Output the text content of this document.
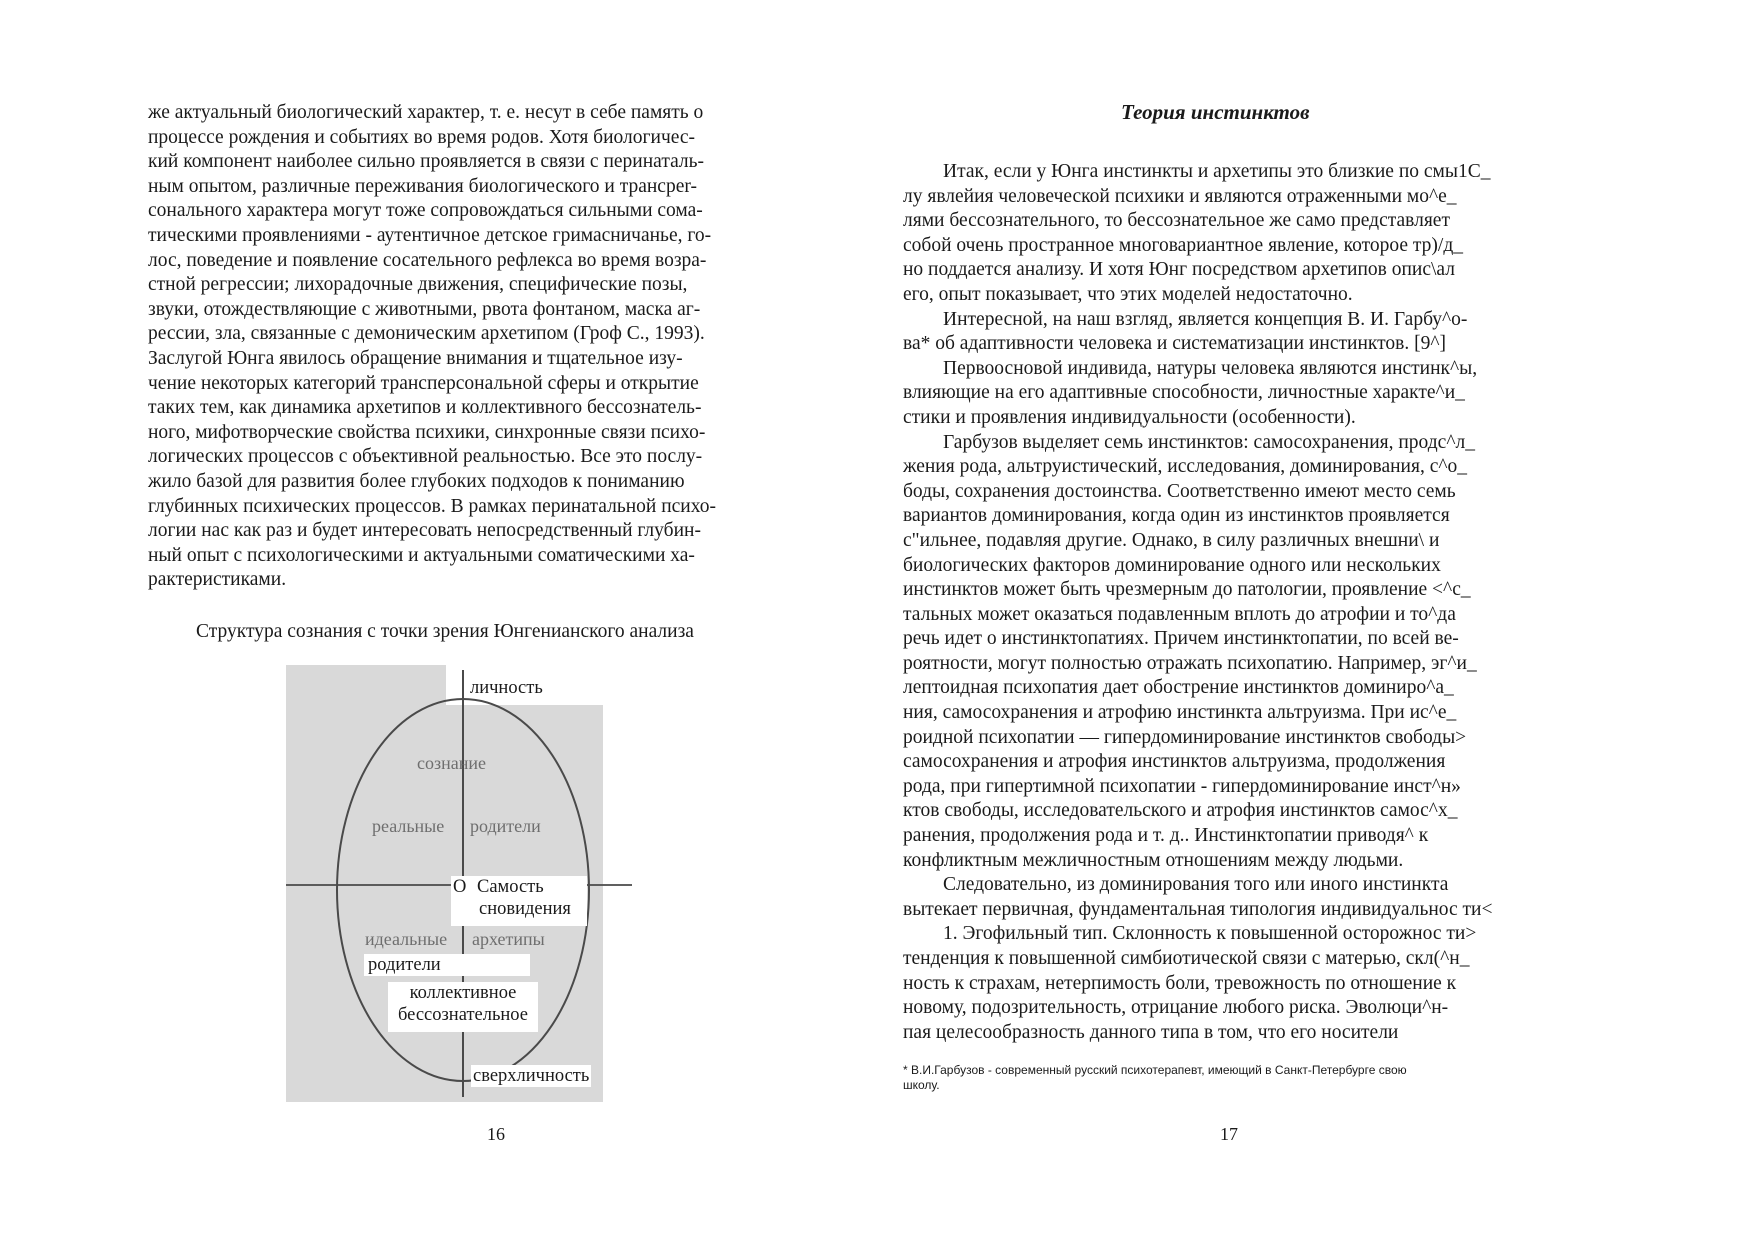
же актуальный биологический характер, т. е. несут в себе память о
процессе рождения и событиях во время родов. Хотя биологичес-
кий компонент наиболее сильно проявляется в связи с перинаталь-
ным опытом, различные переживания биологического и трансper-
сонального характера могут тоже сопровождаться сильными сома-
тическими проявлениями - аутентичное детское гримасничанье, го-
лос, поведение и появление сосательного рефлекса во время возра-
стной регрессии; лихорадочные движения, специфические позы,
звуки, отождествляющие с животными, рвота фонтаном, маска аг-
рессии, зла, связанные с демоническим архетипом (Гроф С., 1993).
Заслугой Юнга явилось обращение внимания и тщательное изу-
чение некоторых категорий трансперсональной сферы и открытие
таких тем, как динамика архетипов и коллективного бессознатель-
ного, мифотворческие свойства психики, синхронные связи психо-
логических процессов с объективной реальностью. Все это послу-
жило базой для развития более глубоких подходов к пониманию
глубинных психических процессов. В рамках перинатальной психо-
логии нас как раз и будет интересовать непосредственный глубин-
ный опыт с психологическими и актуальными соматическими ха-
рактеристиками.
Структура сознания с точки зрения Юнгенианского анализа
личность
сознание
реальные родители
О Самость
сновидения
идеальные архетипы
родители
коллективное
бессознательное
сверхличность
16
Теория инстинктов
Итак, если у Юнга инстинкты и архетипы это близкие по смы1С_
лу явлейия человеческой психики и являются отраженными мо^е_
лями бессознательного, то бессознательное же само представляет
собой очень пространное многовариантное явление, которое тр)/д_
но поддается анализу. И хотя Юнг посредством архетипов опис\ал
его, опыт показывает, что этих моделей недостаточно.
Интересной, на наш взгляд, является концепция В. И. Гарбу^о-
ва* об адаптивности человека и систематизации инстинктов. [9^]
Первоосновой индивида, натуры человека являются инстинк^ы,
влияющие на его адаптивные способности, личностные характе^и_
стики и проявления индивидуальности (особенности).
Гарбузов выделяет семь инстинктов: самосохранения, продс^л_
жения рода, альтруистический, исследования, доминирования, с^о_
боды, сохранения достоинства. Соответственно имеют место семь
вариантов доминирования, когда один из инстинктов проявляется
с"ильнее, подавляя другие. Однако, в силу различных внешни\ и
биологических факторов доминирование одного или нескольких
инстинктов может быть чрезмерным до патологии, проявление <^с_
тальных может оказаться подавленным вплоть до атрофии и то^да
речь идет о инстинктопатиях. Причем инстинктопатии, по всей ве-
роятности, могут полностью отражать психопатию. Например, эг^и_
лептоидная психопатия дает обострение инстинктов доминиро^а_
ния, самосохранения и атрофию инстинкта альтруизма. При ис^е_
роидной психопатии — гипердоминирование инстинктов свободы>
самосохранения и атрофия инстинктов альтруизма, продолжения
рода, при гипертимной психопатии - гипердоминирование инст^н»
ктов свободы, исследовательского и атрофия инстинктов самос^х_
ранения, продолжения рода и т. д.. Инстинктопатии приводя^ к
конфликтным межличностным отношениям между людьми.
Следовательно, из доминирования того или иного инстинкта
вытекает первичная, фундаментальная типология индивидуальнос ти<
1. Эгофильный тип. Склонность к повышенной осторожнос ти>
тенденция к повышенной симбиотической связи с матерью, скл(^н_
ность к страхам, нетерпимость боли, тревожность по отношение к
новому, подозрительность, отрицание любого риска. Эволюци^н-
пая целесообразность данного типа в том, что его носители
* В.И.Гарбузов - современный русский психотерапевт, имеющий в Санкт-Петербурге свою
школу.
17
